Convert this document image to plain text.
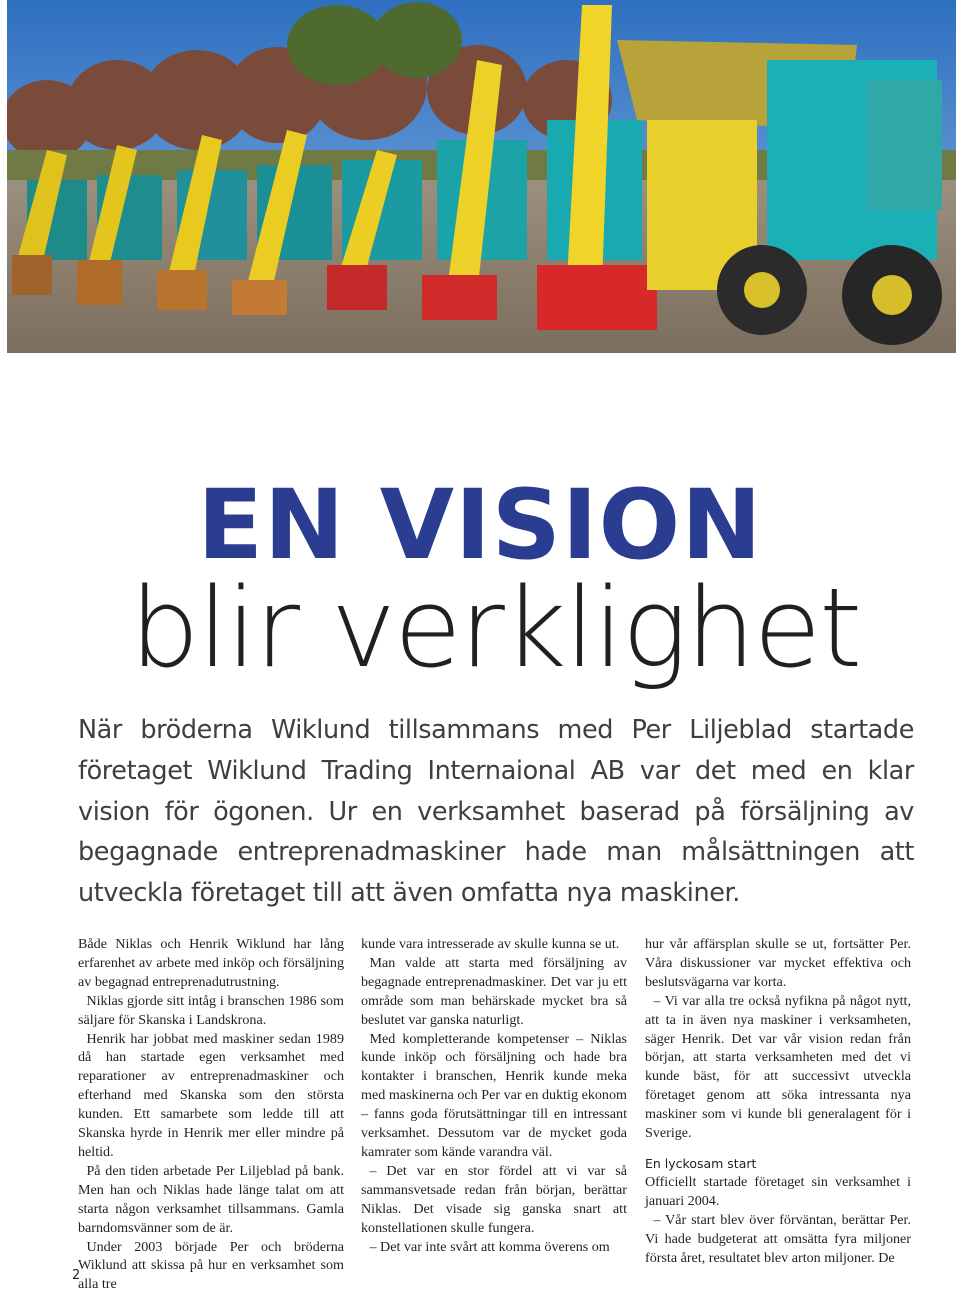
EN VISION
blir verklighet

När bröderna Wiklund tillsammans med Per Liljeblad startade företaget Wiklund Trading Internaional AB var det med en klar vision för ögonen. Ur en verksamhet baserad på försäljning av begagnade entreprenadmaskiner hade man målsättningen att utveckla företaget till att även omfatta nya maskiner.

Både Niklas och Henrik Wiklund har lång erfarenhet av arbete med inköp och försäljning av begagnad entreprenadutrustning.

Niklas gjorde sitt intåg i branschen 1986 som säljare för Skanska i Landskrona.

Henrik har jobbat med maskiner sedan 1989 då han startade egen verksamhet med reparationer av entreprenadmaskiner och efterhand med Skanska som den största kunden. Ett samarbete som ledde till att Skanska hyrde in Henrik mer eller mindre på heltid.

På den tiden arbetade Per Liljeblad på bank. Men han och Niklas hade länge talat om att starta någon verksamhet tillsammans. Gamla barndomsvänner som de är.

Under 2003 började Per och bröderna Wiklund att skissa på hur en verksamhet som alla tre

kunde vara intresserade av skulle kunna se ut.

Man valde att starta med försäljning av begagnade entreprenadmaskiner. Det var ju ett område som man behärskade mycket bra så beslutet var ganska naturligt.

Med kompletterande kompetenser – Niklas kunde inköp och försäljning och hade bra kontakter i branschen, Henrik kunde meka med maskinerna och Per var en duktig ekonom – fanns goda förutsättningar till en intressant verksamhet. Dessutom var de mycket goda kamrater som kände varandra väl.

– Det var en stor fördel att vi var så sammansvetsade redan från början, berättar Niklas. Det visade sig ganska snart att konstellationen skulle fungera.

– Det var inte svårt att komma överens om

hur vår affärsplan skulle se ut, fortsätter Per. Våra diskussioner var mycket effektiva och beslutsvägarna var korta.

– Vi var alla tre också nyfikna på något nytt, att ta in även nya maskiner i verksamheten, säger Henrik. Det var vår vision redan från början, att starta verksamheten med det vi kunde bäst, för att successivt utveckla företaget genom att söka intressanta nya maskiner som vi kunde bli generalagent för i Sverige.

En lyckosam start

Officiellt startade företaget sin verksamhet i januari 2004.

– Vår start blev över förväntan, berättar Per. Vi hade budgeterat att omsätta fyra miljoner första året, resultatet blev arton miljoner. De

2
